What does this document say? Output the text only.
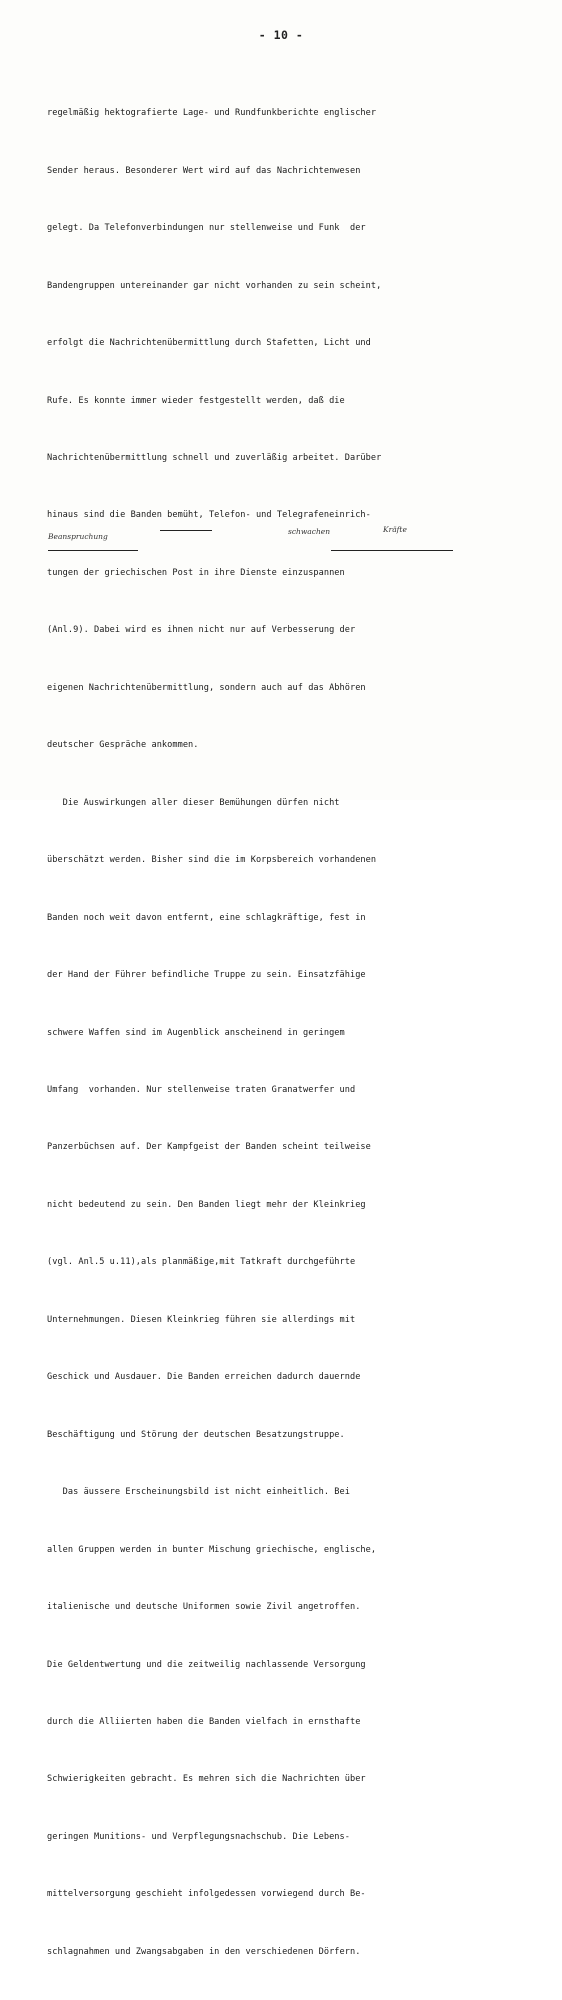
- 10 -

regelmäßig hektografierte Lage- und Rundfunkberichte englischer

Sender heraus. Besonderer Wert wird auf das Nachrichtenwesen

gelegt. Da Telefonverbindungen nur stellenweise und Funk  der

Bandengruppen untereinander gar nicht vorhanden zu sein scheint,

erfolgt die Nachrichtenübermittlung durch Stafetten, Licht und

Rufe. Es konnte immer wieder festgestellt werden, daß die

Nachrichtenübermittlung schnell und zuverläßig arbeitet. Darüber

hinaus sind die Banden bemüht, Telefon- und Telegrafeneinrich-

tungen der griechischen Post in ihre Dienste einzuspannen

(Anl.9). Dabei wird es ihnen nicht nur auf Verbesserung der

eigenen Nachrichtenübermittlung, sondern auch auf das Abhören

deutscher Gespräche ankommen.

Die Auswirkungen aller dieser Bemühungen dürfen nicht

überschätzt werden. Bisher sind die im Korpsbereich vorhandenen

Banden noch weit davon entfernt, eine schlagkräftige, fest in

der Hand der Führer befindliche Truppe zu sein. Einsatzfähige

schwere Waffen sind im Augenblick anscheinend in geringem

Umfang  vorhanden. Nur stellenweise traten Granatwerfer und

Panzerbüchsen auf. Der Kampfgeist der Banden scheint teilweise

nicht bedeutend zu sein. Den Banden liegt mehr der Kleinkrieg

(vgl. Anl.5 u.11),als planmäßige,mit Tatkraft durchgeführte

Unternehmungen. Diesen Kleinkrieg führen sie allerdings mit

Geschick und Ausdauer. Die Banden erreichen dadurch dauernde

Beschäftigung und Störung der deutschen Besatzungstruppe.

Das äussere Erscheinungsbild ist nicht einheitlich. Bei

allen Gruppen werden in bunter Mischung griechische, englische,

italienische und deutsche Uniformen sowie Zivil angetroffen.

Die Geldentwertung und die zeitweilig nachlassende Versorgung

durch die Alliierten haben die Banden vielfach in ernsthafte

Schwierigkeiten gebracht. Es mehren sich die Nachrichten über

geringen Munitions- und Verpflegungsnachschub. Die Lebens-

mittelversorgung geschieht infolgedessen vorwiegend durch Be-

schlagnahmen und Zwangsabgaben in den verschiedenen Dörfern.

Beanspruchung
schwachen	Kräfte
